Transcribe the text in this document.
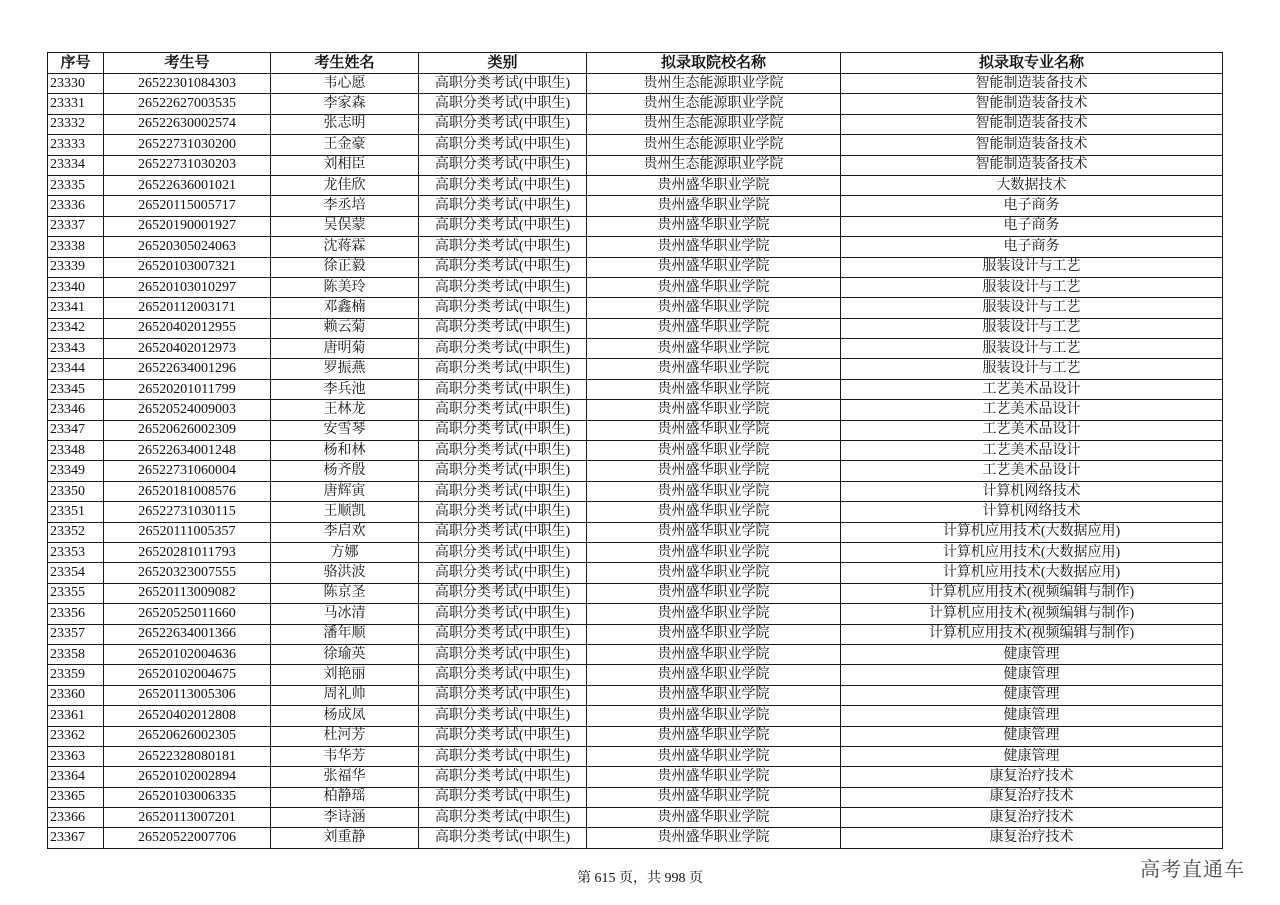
序号	考生号	考生姓名	类别	拟录取院校名称	拟录取专业名称
23330	26522301084303	韦心愿	高职分类考试(中职生)	贵州生态能源职业学院	智能制造装备技术
23331	26522627003535	李家森	高职分类考试(中职生)	贵州生态能源职业学院	智能制造装备技术
23332	26522630002574	张志明	高职分类考试(中职生)	贵州生态能源职业学院	智能制造装备技术
23333	26522731030200	王金豪	高职分类考试(中职生)	贵州生态能源职业学院	智能制造装备技术
23334	26522731030203	刘相臣	高职分类考试(中职生)	贵州生态能源职业学院	智能制造装备技术
23335	26522636001021	龙佳欣	高职分类考试(中职生)	贵州盛华职业学院	大数据技术
23336	26520115005717	李丞培	高职分类考试(中职生)	贵州盛华职业学院	电子商务
23337	26520190001927	吴俣蒙	高职分类考试(中职生)	贵州盛华职业学院	电子商务
23338	26520305024063	沈蒋霖	高职分类考试(中职生)	贵州盛华职业学院	电子商务
23339	26520103007321	徐正毅	高职分类考试(中职生)	贵州盛华职业学院	服装设计与工艺
23340	26520103010297	陈美玲	高职分类考试(中职生)	贵州盛华职业学院	服装设计与工艺
23341	26520112003171	邓鑫楠	高职分类考试(中职生)	贵州盛华职业学院	服装设计与工艺
23342	26520402012955	赖云菊	高职分类考试(中职生)	贵州盛华职业学院	服装设计与工艺
23343	26520402012973	唐明菊	高职分类考试(中职生)	贵州盛华职业学院	服装设计与工艺
23344	26522634001296	罗振燕	高职分类考试(中职生)	贵州盛华职业学院	服装设计与工艺
23345	26520201011799	李兵池	高职分类考试(中职生)	贵州盛华职业学院	工艺美术品设计
23346	26520524009003	王林龙	高职分类考试(中职生)	贵州盛华职业学院	工艺美术品设计
23347	26520626002309	安雪琴	高职分类考试(中职生)	贵州盛华职业学院	工艺美术品设计
23348	26522634001248	杨和林	高职分类考试(中职生)	贵州盛华职业学院	工艺美术品设计
23349	26522731060004	杨齐殷	高职分类考试(中职生)	贵州盛华职业学院	工艺美术品设计
23350	26520181008576	唐辉寅	高职分类考试(中职生)	贵州盛华职业学院	计算机网络技术
23351	26522731030115	王顺凯	高职分类考试(中职生)	贵州盛华职业学院	计算机网络技术
23352	26520111005357	李启欢	高职分类考试(中职生)	贵州盛华职业学院	计算机应用技术(大数据应用)
23353	26520281011793	方娜	高职分类考试(中职生)	贵州盛华职业学院	计算机应用技术(大数据应用)
23354	26520323007555	骆洪波	高职分类考试(中职生)	贵州盛华职业学院	计算机应用技术(大数据应用)
23355	26520113009082	陈京圣	高职分类考试(中职生)	贵州盛华职业学院	计算机应用技术(视频编辑与制作)
23356	26520525011660	马冰清	高职分类考试(中职生)	贵州盛华职业学院	计算机应用技术(视频编辑与制作)
23357	26522634001366	潘年顺	高职分类考试(中职生)	贵州盛华职业学院	计算机应用技术(视频编辑与制作)
23358	26520102004636	徐瑜英	高职分类考试(中职生)	贵州盛华职业学院	健康管理
23359	26520102004675	刘艳丽	高职分类考试(中职生)	贵州盛华职业学院	健康管理
23360	26520113005306	周礼帅	高职分类考试(中职生)	贵州盛华职业学院	健康管理
23361	26520402012808	杨成凤	高职分类考试(中职生)	贵州盛华职业学院	健康管理
23362	26520626002305	杜河芳	高职分类考试(中职生)	贵州盛华职业学院	健康管理
23363	26522328080181	韦华芳	高职分类考试(中职生)	贵州盛华职业学院	健康管理
23364	26520102002894	张福华	高职分类考试(中职生)	贵州盛华职业学院	康复治疗技术
23365	26520103006335	柏静瑶	高职分类考试(中职生)	贵州盛华职业学院	康复治疗技术
23366	26520113007201	李诗涵	高职分类考试(中职生)	贵州盛华职业学院	康复治疗技术
23367	26520522007706	刘重静	高职分类考试(中职生)	贵州盛华职业学院	康复治疗技术
第 615 页，共 998 页	高考直通车
